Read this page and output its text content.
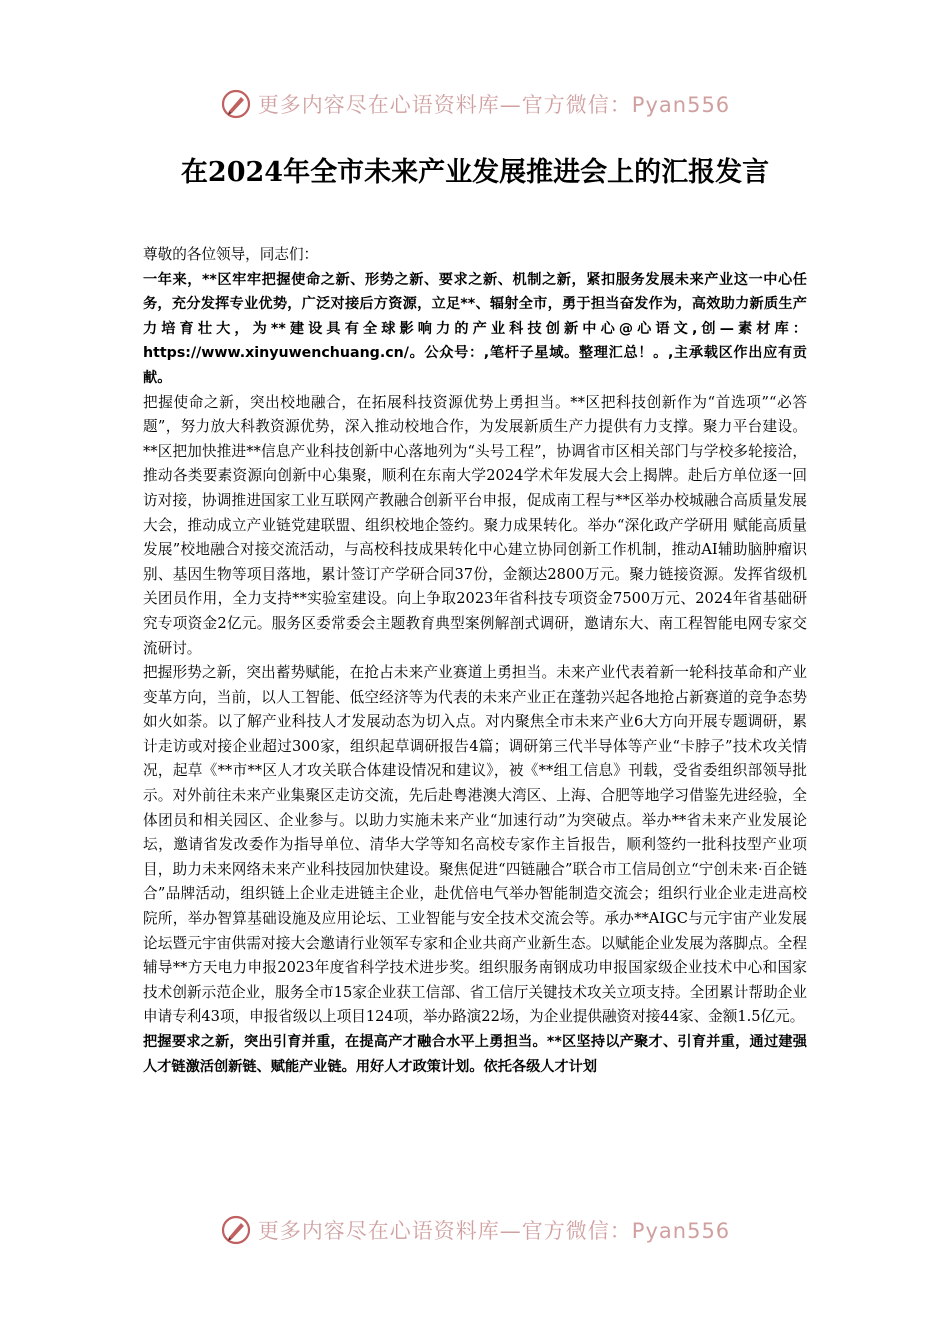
更多内容尽在心语资料库—官方微信：Pyan556
在2024年全市未来产业发展推进会上的汇报发言

尊敬的各位领导，同志们：

一年来，**区牢牢把握使命之新、形势之新、要求之新、机制之新，紧扣服务发展未来产业这一中心任务，充分发挥专业优势，广泛对接后方资源，立足**、辐射全市，勇于担当奋发作为，高效助力新质生产力培育壮大，为**建设具有全球影响力的产业科技创新中心@心语文,创—素材库：https://www.xinyuwenchuang.cn/。公众号：,笔杆子星域。整理汇总！。,主承载区作出应有贡献。

把握使命之新，突出校地融合，在拓展科技资源优势上勇担当。**区把科技创新作为“首选项”“必答题”，努力放大科教资源优势，深入推动校地合作，为发展新质生产力提供有力支撑。聚力平台建设。**区把加快推进**信息产业科技创新中心落地列为“头号工程”，协调省市区相关部门与学校多轮接洽，推动各类要素资源向创新中心集聚，顺利在东南大学2024学术年发展大会上揭牌。赴后方单位逐一回访对接，协调推进国家工业互联网产教融合创新平台申报，促成南工程与**区举办校城融合高质量发展大会，推动成立产业链党建联盟、组织校地企签约。聚力成果转化。举办“深化政产学研用 赋能高质量发展”校地融合对接交流活动，与高校科技成果转化中心建立协同创新工作机制，推动AI辅助脑肿瘤识别、基因生物等项目落地，累计签订产学研合同37份，金额达2800万元。聚力链接资源。发挥省级机关团员作用，全力支持**实验室建设。向上争取2023年省科技专项资金7500万元、2024年省基础研究专项资金2亿元。服务区委常委会主题教育典型案例解剖式调研，邀请东大、南工程智能电网专家交流研讨。

把握形势之新，突出蓄势赋能，在抢占未来产业赛道上勇担当。未来产业代表着新一轮科技革命和产业变革方向，当前，以人工智能、低空经济等为代表的未来产业正在蓬勃兴起各地抢占新赛道的竞争态势如火如荼。以了解产业科技人才发展动态为切入点。对内聚焦全市未来产业6大方向开展专题调研，累计走访或对接企业超过300家，组织起草调研报告4篇；调研第三代半导体等产业“卡脖子”技术攻关情况，起草《**市**区人才攻关联合体建设情况和建议》，被《**组工信息》刊载，受省委组织部领导批示。对外前往未来产业集聚区走访交流，先后赴粤港澳大湾区、上海、合肥等地学习借鉴先进经验，全体团员和相关园区、企业参与。以助力实施未来产业“加速行动”为突破点。举办**省未来产业发展论坛，邀请省发改委作为指导单位、清华大学等知名高校专家作主旨报告，顺利签约一批科技型产业项目，助力未来网络未来产业科技园加快建设。聚焦促进“四链融合”联合市工信局创立“宁创未来·百企链合”品牌活动，组织链上企业走进链主企业，赴优倍电气举办智能制造交流会；组织行业企业走进高校院所，举办智算基础设施及应用论坛、工业智能与安全技术交流会等。承办**AIGC与元宇宙产业发展论坛暨元宇宙供需对接大会邀请行业领军专家和企业共商产业新生态。以赋能企业发展为落脚点。全程辅导**方天电力申报2023年度省科学技术进步奖。组织服务南钢成功申报国家级企业技术中心和国家技术创新示范企业，服务全市15家企业获工信部、省工信厅关键技术攻关立项支持。全团累计帮助企业申请专利43项，申报省级以上项目124项，举办路演22场，为企业提供融资对接44家、金额1.5亿元。

把握要求之新，突出引育并重，在提高产才融合水平上勇担当。**区坚持以产聚才、引育并重，通过建强人才链激活创新链、赋能产业链。用好人才政策计划。依托各级人才计划

更多内容尽在心语资料库—官方微信：Pyan556
